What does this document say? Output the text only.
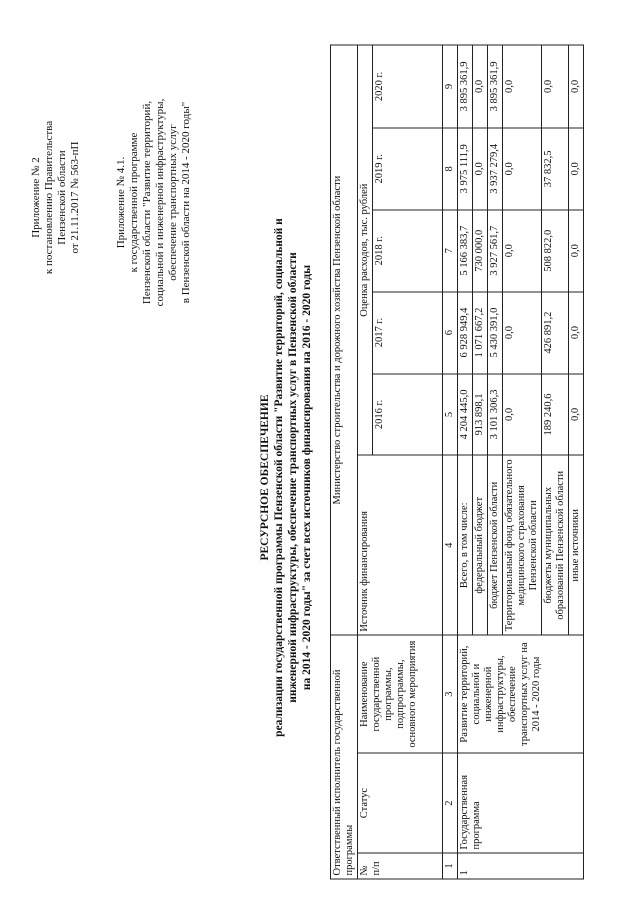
Приложение № 2 к постановлению Правительства Пензенской области от 21.11.2017 № 563-пП	Приложение № 4.1. к государственной программе Пензенской области "Развитие территорий, социальной и инженерной инфраструктуры, обеспечение транспортных услуг в Пензенской области на 2014 - 2020 годы"
РЕСУРСНОЕ ОБЕСПЕЧЕНИЕ реализации государственной программы Пензенской области "Развитие территорий, социальной и инженерной инфраструктуры, обеспечение транспортных услуг в Пензенской области на 2014 - 2020 годы" за счет всех источников финансирования на 2016 - 2020 годы
Ответственный исполнитель государственной программы			Министерство строительства и дорожного хозяйства Пензенской области					
№ п/п	Статус	Наименование государственной программы, подпрограммы, основного мероприятия	Источник финансирования	Оценка расходов, тыс. рублей				
				2016 г.	2017 г.	2018 г.	2019 г.	2020 г.
1	2	3	4	5	6	7	8	9
1	Государственная программа	Развитие территорий, социальной и инженерной инфраструктуры, обеспечение транспортных услуг на 2014 - 2020 годы	Всего, в том числе:	4 204 445,0	6 928 949,4	5 166 383,7	3 975 111,9	3 895 361,9
			федеральный бюджет	913 898,1	1 071 667,2	730 000,0	0,0	0,0
			бюджет Пензенской области	3 101 306,3	5 430 391,0	3 927 561,7	3 937 279,4	3 895 361,9
			Территориальный фонд обязательного медицинского страхования Пензенской области	0,0	0,0	0,0	0,0	0,0
			бюджеты муниципальных образований Пензенской области	189 240,6	426 891,2	508 822,0	37 832,5	0,0
			иные источники	0,0	0,0	0,0	0,0	0,0
